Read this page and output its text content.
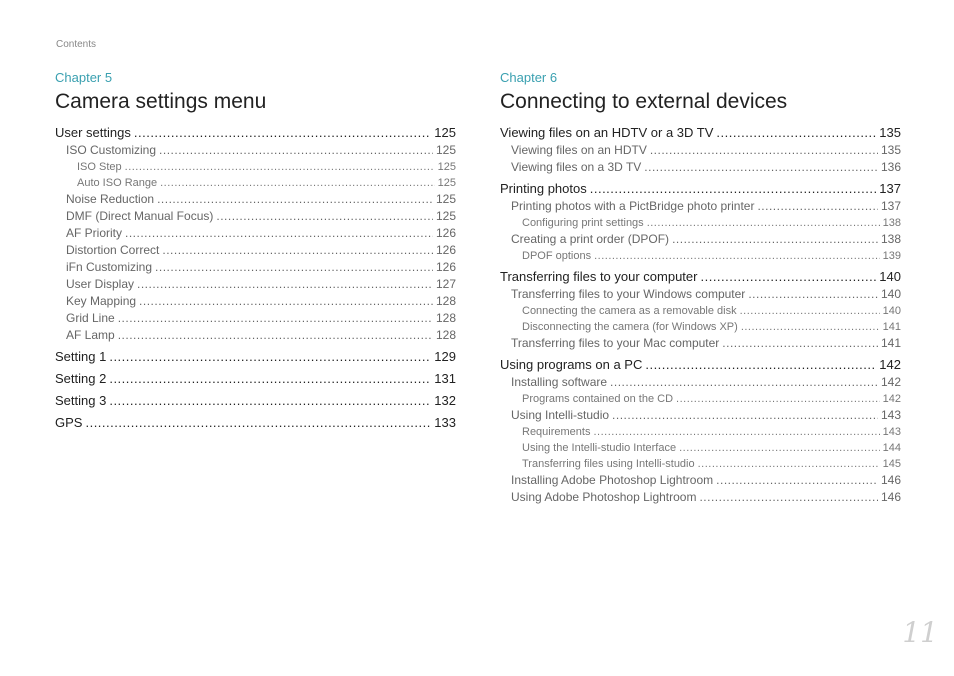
Contents
Chapter 5
Camera settings menu
User settings .....	125
ISO Customizing .....	125
ISO Step .....	125
Auto ISO Range .....	125
Noise Reduction .....	125
DMF (Direct Manual Focus) .....	125
AF Priority .....	126
Distortion Correct .....	126
iFn Customizing .....	126
User Display .....	127
Key Mapping .....	128
Grid Line .....	128
AF Lamp .....	128
Setting 1 .....	129
Setting 2 .....	131
Setting 3 .....	132
GPS .....	133
Chapter 6
Connecting to external devices
Viewing files on an HDTV or a 3D TV .....	135
Viewing files on an HDTV .....	135
Viewing files on a 3D TV .....	136
Printing photos .....	137
Printing photos with a PictBridge photo printer .....	137
Configuring print settings .....	138
Creating a print order (DPOF) .....	138
DPOF options .....	139
Transferring files to your computer .....	140
Transferring files to your Windows computer .....	140
Connecting the camera as a removable disk .....	140
Disconnecting the camera (for Windows XP) .....	141
Transferring files to your Mac computer .....	141
Using programs on a PC .....	142
Installing software .....	142
Programs contained on the CD .....	142
Using Intelli-studio .....	143
Requirements .....	143
Using the Intelli-studio Interface .....	144
Transferring files using Intelli-studio .....	145
Installing Adobe Photoshop Lightroom .....	146
Using Adobe Photoshop Lightroom .....	146
11
